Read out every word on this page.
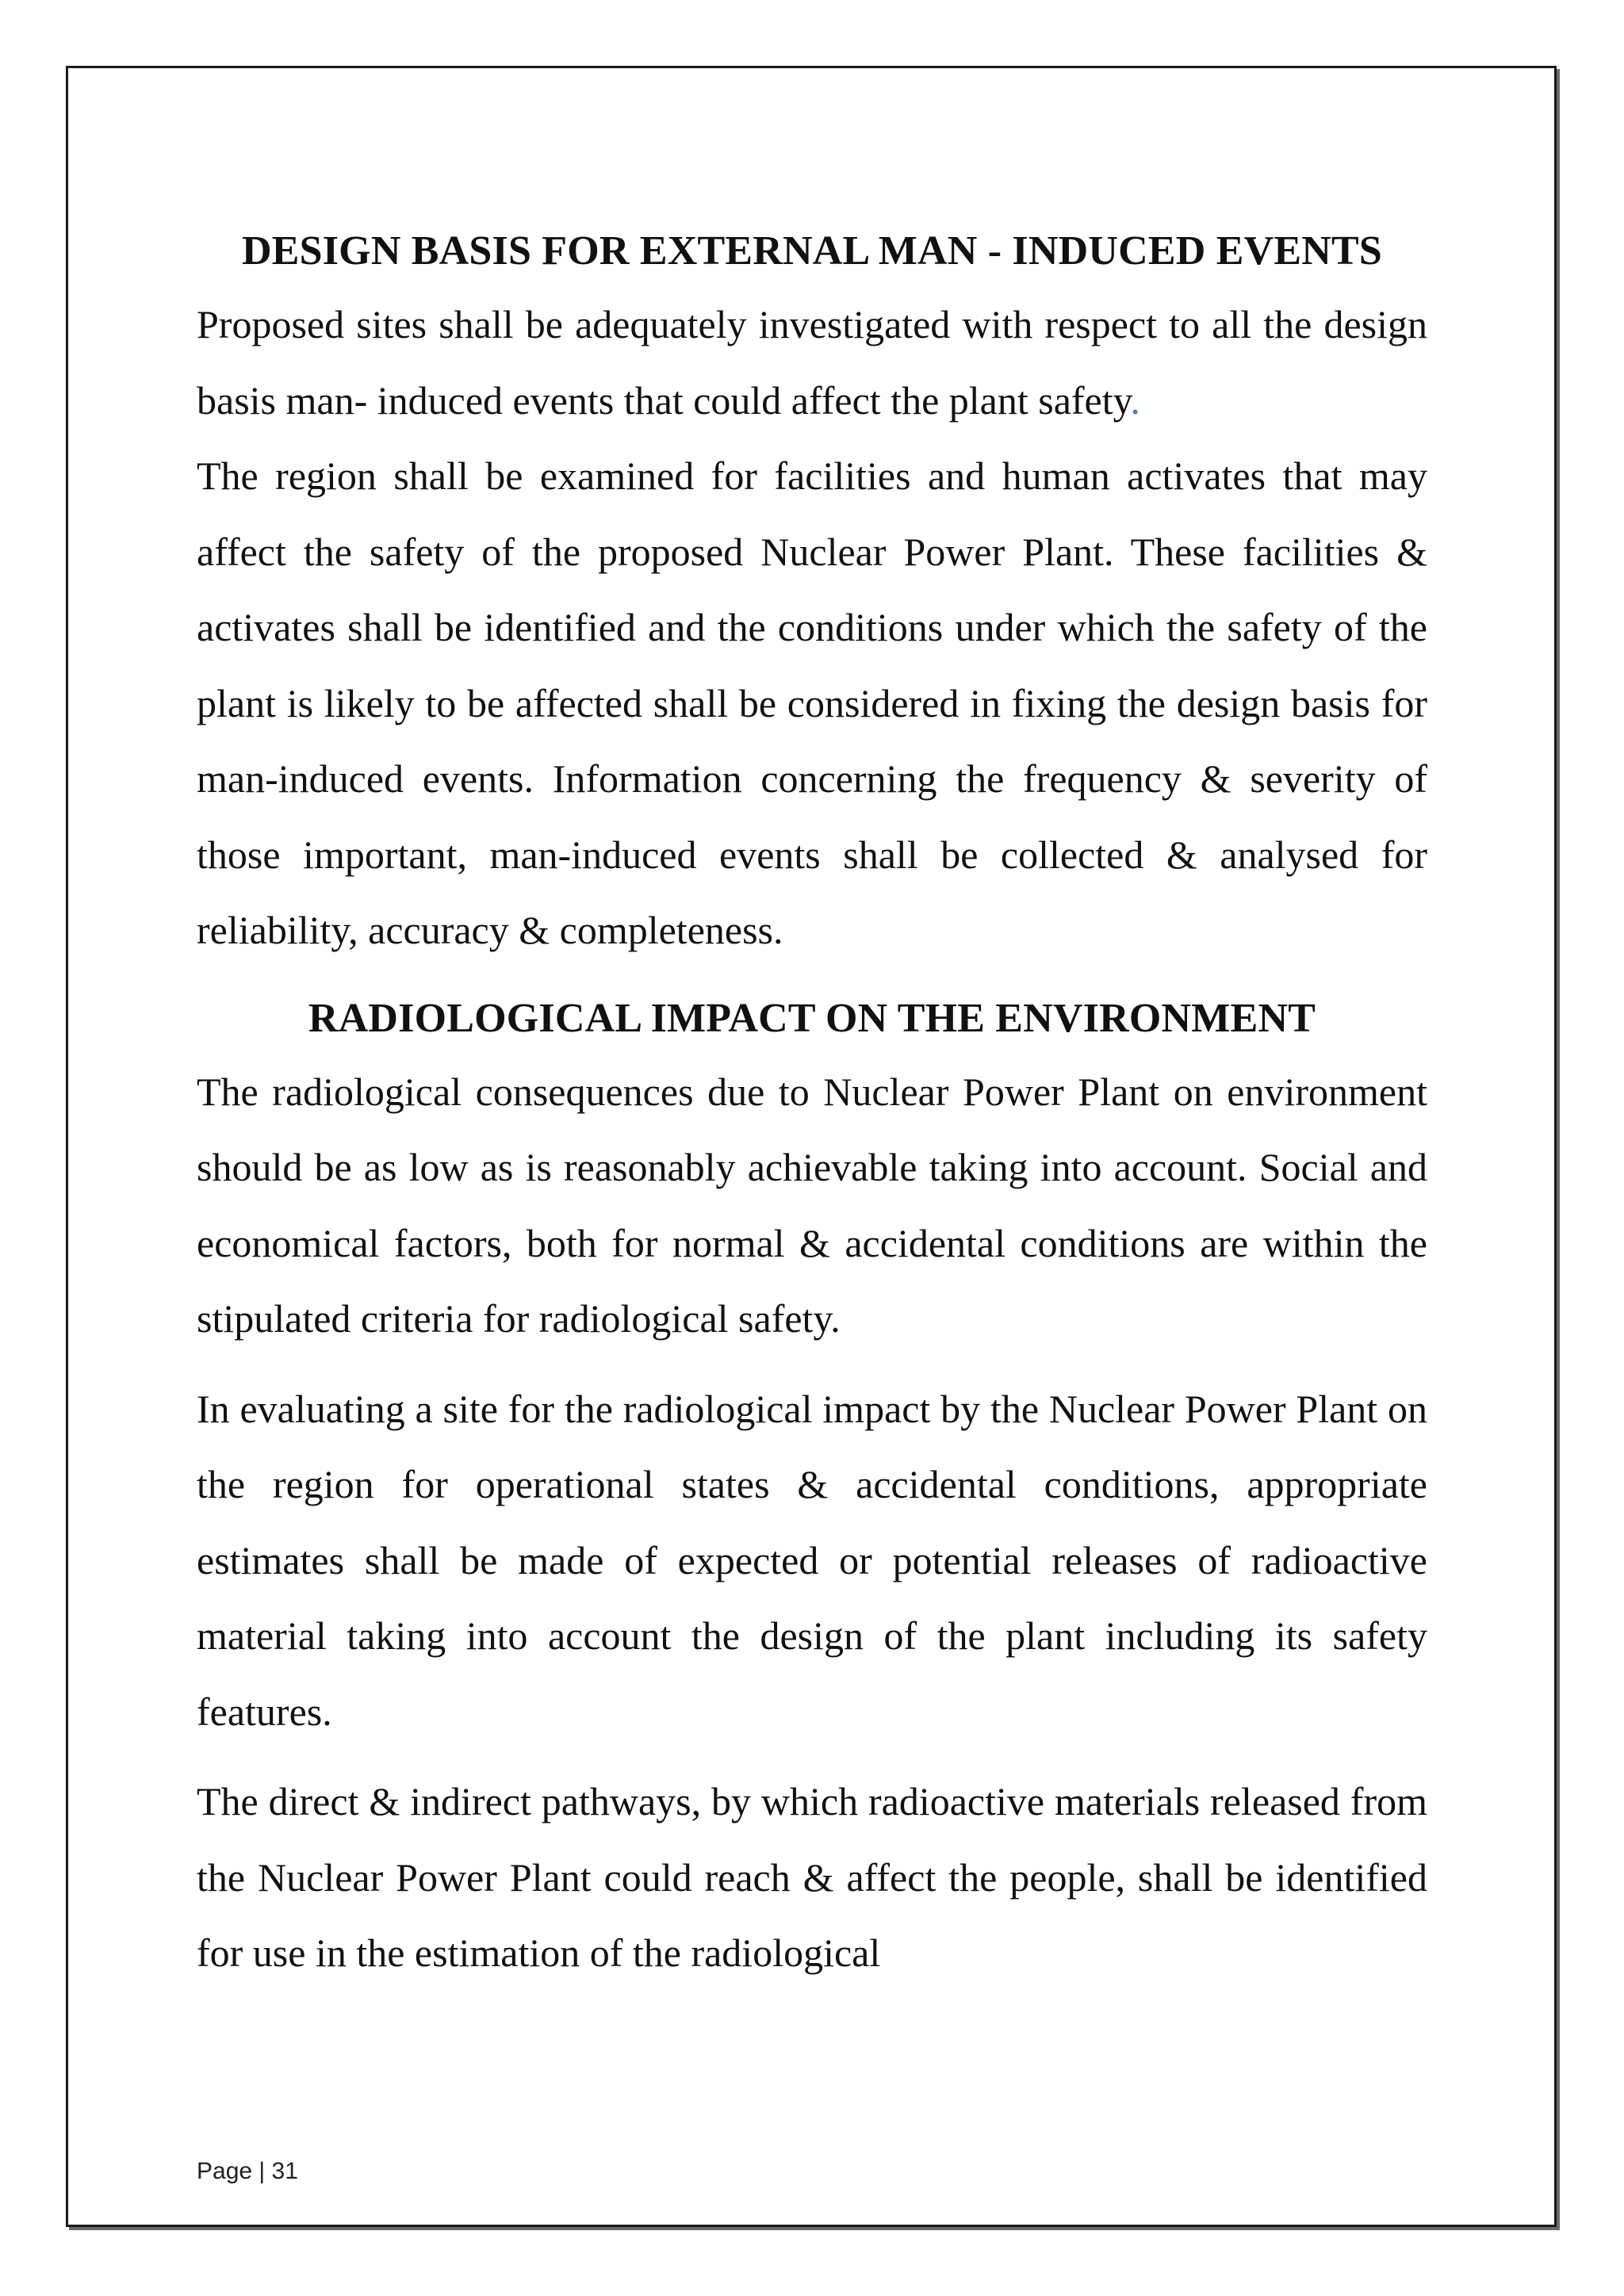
DESIGN BASIS FOR EXTERNAL MAN - INDUCED EVENTS

Proposed sites shall be adequately investigated with respect to all the design basis man- induced events that could affect the plant safety.

The region shall be examined for facilities and human activates that may affect the safety of the proposed Nuclear Power Plant. These facilities & activates shall be identified and the conditions under which the safety of the plant is likely to be affected shall be considered in fixing the design basis for man-induced events. Information concerning the frequency & severity of those important, man-induced events shall be collected & analysed for reliability, accuracy & completeness.

RADIOLOGICAL IMPACT ON THE ENVIRONMENT

The radiological consequences due to Nuclear Power Plant on environment should be as low as is reasonably achievable taking into account. Social and economical factors, both for normal & accidental conditions are within the stipulated criteria for radiological safety.

In evaluating a site for the radiological impact by the Nuclear Power Plant on the region for operational states & accidental conditions, appropriate estimates shall be made of expected or potential releases of radioactive material taking into account the design of the plant including its safety features.

The direct & indirect pathways, by which radioactive materials released from the Nuclear Power Plant could reach & affect the people, shall be identified for use in the estimation of the radiological

Page | 31
